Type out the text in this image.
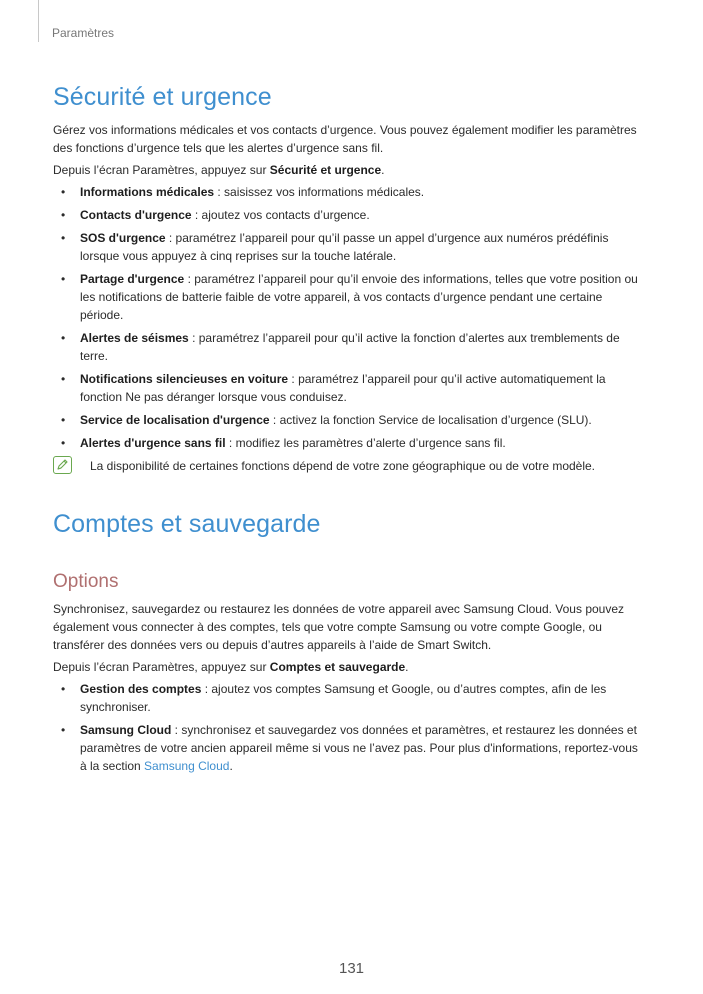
Paramètres
Sécurité et urgence

Gérez vos informations médicales et vos contacts d’urgence. Vous pouvez également modifier les paramètres des fonctions d’urgence tels que les alertes d’urgence sans fil.

Depuis l’écran Paramètres, appuyez sur Sécurité et urgence.

• Informations médicales : saisissez vos informations médicales.
• Contacts d'urgence : ajoutez vos contacts d’urgence.
• SOS d'urgence : paramétrez l’appareil pour qu’il passe un appel d’urgence aux numéros prédéfinis lorsque vous appuyez à cinq reprises sur la touche latérale.
• Partage d'urgence : paramétrez l’appareil pour qu’il envoie des informations, telles que votre position ou les notifications de batterie faible de votre appareil, à vos contacts d’urgence pendant une certaine période.
• Alertes de séismes : paramétrez l’appareil pour qu’il active la fonction d’alertes aux tremblements de terre.
• Notifications silencieuses en voiture : paramétrez l’appareil pour qu’il active automatiquement la fonction Ne pas déranger lorsque vous conduisez.
• Service de localisation d'urgence : activez la fonction Service de localisation d’urgence (SLU).
• Alertes d'urgence sans fil : modifiez les paramètres d’alerte d’urgence sans fil.
La disponibilité de certaines fonctions dépend de votre zone géographique ou de votre modèle.
Comptes et sauvegarde
Options

Synchronisez, sauvegardez ou restaurez les données de votre appareil avec Samsung Cloud. Vous pouvez également vous connecter à des comptes, tels que votre compte Samsung ou votre compte Google, ou transférer des données vers ou depuis d’autres appareils à l’aide de Smart Switch.

Depuis l’écran Paramètres, appuyez sur Comptes et sauvegarde.

• Gestion des comptes : ajoutez vos comptes Samsung et Google, ou d’autres comptes, afin de les synchroniser.
• Samsung Cloud : synchronisez et sauvegardez vos données et paramètres, et restaurez les données et paramètres de votre ancien appareil même si vous ne l’avez pas. Pour plus d'informations, reportez-vous à la section Samsung Cloud.
131
